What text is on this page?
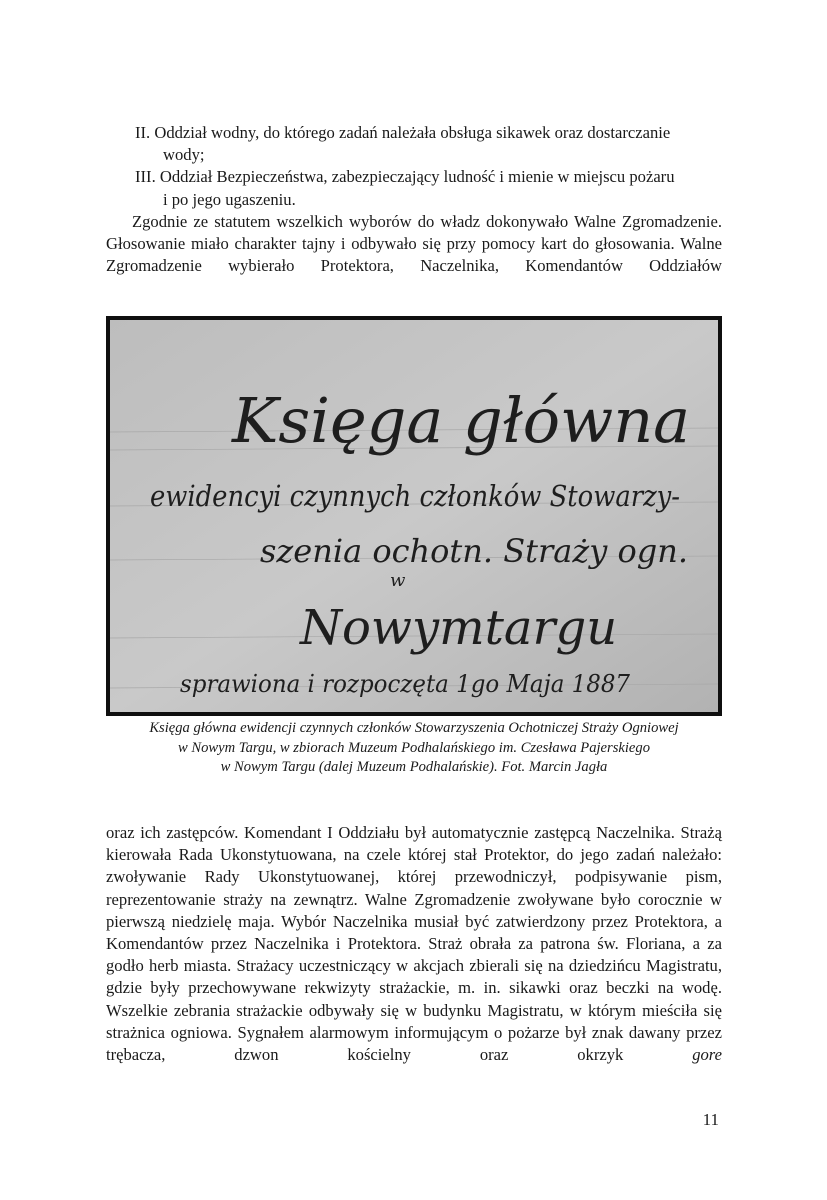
II. Oddział wodny, do którego zadań należała obsługa sikawek oraz dostarczanie
wody;
III. Oddział Bezpieczeństwa, zabezpieczający ludność i mienie w miejscu pożaru
i po jego ugaszeniu.

Zgodnie ze statutem wszelkich wyborów do władz dokonywało Walne Zgromadzenie. Głosowanie miało charakter tajny i odbywało się przy pomocy kart do głosowania. Walne Zgromadzenie wybierało Protektora, Naczelnika, Komendantów Oddziałów

Księga główna
ewidencyi czynnych członków Stowarzy-
szenia ochotn. Straży ogn.
w
Nowymtargu
sprawiona i rozpoczęta 1go Maja 1887
Księga główna ewidencji czynnych członków Stowarzyszenia Ochotniczej Straży Ogniowej
w Nowym Targu, w zbiorach Muzeum Podhalańskiego im. Czesława Pajerskiego
w Nowym Targu (dalej Muzeum Podhalańskie). Fot. Marcin Jagła

oraz ich zastępców. Komendant I Oddziału był automatycznie zastępcą Naczelnika. Strażą kierowała Rada Ukonstytuowana, na czele której stał Protektor, do jego zadań należało: zwoływanie Rady Ukonstytuowanej, której przewodniczył, podpisywanie pism, reprezentowanie straży na zewnątrz. Walne Zgromadzenie zwoływane było corocznie w pierwszą niedzielę maja. Wybór Naczelnika musiał być zatwierdzony przez Protektora, a Komendantów przez Naczelnika i Protektora. Straż obrała za patrona św. Floriana, a za godło herb miasta. Strażacy uczestniczący w akcjach zbierali się na dziedzińcu Magistratu, gdzie były przechowywane rekwizyty strażackie, m. in. sikawki oraz beczki na wodę. Wszelkie zebrania strażackie odbywały się w budynku Magistratu, w którym mieściła się strażnica ogniowa. Sygnałem alarmowym informującym o pożarze był znak dawany przez trębacza, dzwon kościelny oraz okrzyk	gore

11
